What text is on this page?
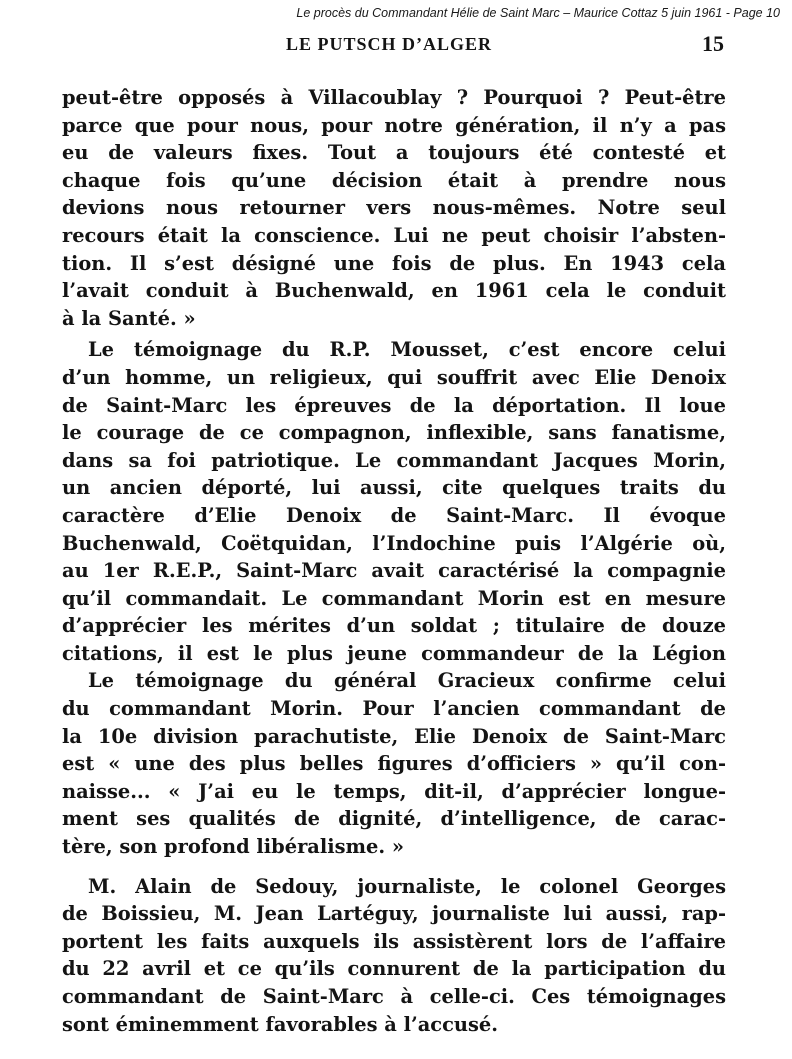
Le procès du Commandant Hélie de Saint Marc – Maurice Cottaz 5 juin 1961 - Page 10
LE PUTSCH D’ALGER	15
peut-être opposés à Villacoublay ? Pourquoi ? Peut-être
parce que pour nous, pour notre génération, il n’y a pas
eu de valeurs fixes. Tout a toujours été contesté et
chaque fois qu’une décision était à prendre nous
devions nous retourner vers nous-mêmes. Notre seul
recours était la conscience. Lui ne peut choisir l’absten-
tion. Il s’est désigné une fois de plus. En 1943 cela
l’avait conduit à Buchenwald, en 1961 cela le conduit
à la Santé. »
Le témoignage du R.P. Mousset, c’est encore celui
d’un homme, un religieux, qui souffrit avec Elie Denoix
de Saint-Marc les épreuves de la déportation. Il loue
le courage de ce compagnon, inflexible, sans fanatisme,
dans sa foi patriotique. Le commandant Jacques Morin,
un ancien déporté, lui aussi, cite quelques traits du
caractère d’Elie Denoix de Saint-Marc. Il évoque
Buchenwald, Coëtquidan, l’Indochine puis l’Algérie où,
au 1er R.E.P., Saint-Marc avait caractérisé la compagnie
qu’il commandait. Le commandant Morin est en mesure
d’apprécier les mérites d’un soldat ; titulaire de douze
citations, il est le plus jeune commandeur de la Légion
Le témoignage du général Gracieux confirme celui
du commandant Morin. Pour l’ancien commandant de
la 10e division parachutiste, Elie Denoix de Saint-Marc
est « une des plus belles figures d’officiers » qu’il con-
naisse... « J’ai eu le temps, dit-il, d’apprécier longue-
ment ses qualités de dignité, d’intelligence, de carac-
tère, son profond libéralisme. »
M. Alain de Sedouy, journaliste, le colonel Georges
de Boissieu, M. Jean Lartéguy, journaliste lui aussi, rap-
portent les faits auxquels ils assistèrent lors de l’affaire
du 22 avril et ce qu’ils connurent de la participation du
commandant de Saint-Marc à celle-ci. Ces témoignages
sont éminemment favorables à l’accusé.
